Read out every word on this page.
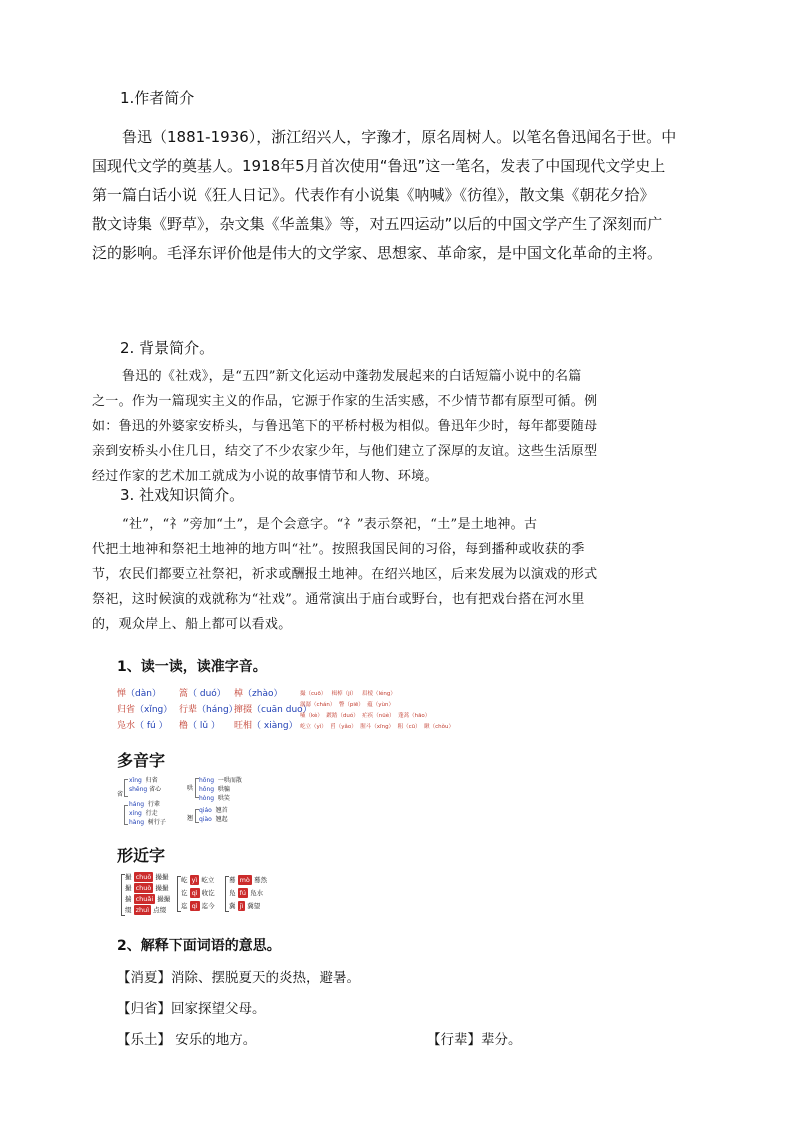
1.作者简介
鲁迅（1881-1936），浙江绍兴人，字豫才，原名周树人。以笔名鲁迅闻名于世。中
国现代文学的奠基人。1918年5月首次使用“鲁迅”这一笔名，发表了中国现代文学史上
第一篇白话小说《狂人日记》。代表作有小说集《呐喊》《彷徨》，散文集《朝花夕拾》
散文诗集《野草》，杂文集《华盖集》等，对五四运动”以后的中国文学产生了深刻而广
泛的影响。毛泽东评价他是伟大的文学家、思想家、革命家，是中国文化革命的主将。
2. 背景简介。
鲁迅的《社戏》，是“五四”新文化运动中蓬勃发展起来的白话短篇小说中的名篇
之一。作为一篇现实主义的作品，它源于作家的生活实感，不少情节都有原型可循。例
如：鲁迅的外婆家安桥头，与鲁迅笔下的平桥村极为相似。鲁迅年少时，每年都要随母
亲到安桥头小住几日，结交了不少农家少年，与他们建立了深厚的友谊。这些生活原型
经过作家的艺术加工就成为小说的故事情节和人物、环境。
3. 社戏知识简介。
“社”，“礻”旁加“土”，是个会意字。“礻”表示祭祀，“土”是土地神。古
代把土地神和祭祀土地神的地方叫“社”。按照我国民间的习俗，每到播种或收获的季
节，农民们都要立社祭祀，祈求或酬报土地神。在绍兴地区，后来发展为以演戏的形式
祭祀，这时候演的戏就称为“社戏”。通常演出于庙台或野台，也有把戏台搭在河水里
的，观众岸上、船上都可以看戏。
1、读一读，读准字音。
惮（dàn） 篙（ duó） 棹（zhào）
归省（xǐng） 行辈（háng）
撺掇（cuān duo）
凫水（ fú ） 橹（ lǔ ） 旺相（ xiàng）
撮（cuō） 楫棹（jí） 眉棱（léng）
潺潺（chán） 瞥（piē） 蕴（yùn）
嗑（kè） 踱踏（duó） 疟疾（nüè） 蓬蒿（hāo）
屹立（yì） 舀（yǎo） 腥斗（xīng） 粗（cū） 瞅（chǒu）
多音字
省
xǐng 归省
shěng 省心
háng 行辈
xíng 行走
hàng 树行子
哄
hōng 一哄而散
hǒng 哄骗
hòng 哄笑
翘
qiáo 翘首
qiào 翘起
形近字
撮 chuō 撮撮
撮 chuò 撮撮
揣 chuǎi 撮撮
缀 zhuì 点缀
屹 yì 屹立
讫 qì 收讫
迄 qì 迄今
蓦 mò 蓦然
凫 fú 凫水
冀 jì 冀望
2、解释下面词语的意思。
【消夏】消除、摆脱夏天的炎热，避暑。
【归省】回家探望父母。
【乐土】 安乐的地方。	【行辈】辈分。
